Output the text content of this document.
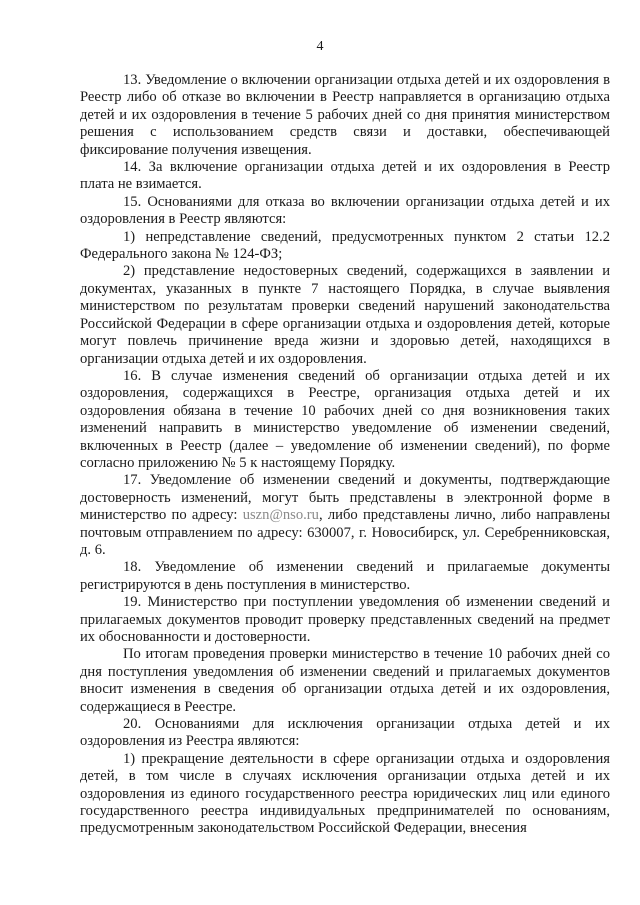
4

13. Уведомление о включении организации отдыха детей и их оздоровления в Реестр либо об отказе во включении в Реестр направляется в организацию отдыха детей и их оздоровления в течение 5 рабочих дней со дня принятия министерством решения с использованием средств связи и доставки, обеспечивающей фиксирование получения извещения.

14. За включение организации отдыха детей и их оздоровления в Реестр плата не взимается.

15. Основаниями для отказа во включении организации отдыха детей и их оздоровления в Реестр являются:

1) непредставление сведений, предусмотренных пунктом 2 статьи 12.2 Федерального закона № 124-ФЗ;

2) представление недостоверных сведений, содержащихся в заявлении и документах, указанных в пункте 7 настоящего Порядка, в случае выявления министерством по результатам проверки сведений нарушений законодательства Российской Федерации в сфере организации отдыха и оздоровления детей, которые могут повлечь причинение вреда жизни и здоровью детей, находящихся в организации отдыха детей и их оздоровления.

16. В случае изменения сведений об организации отдыха детей и их оздоровления, содержащихся в Реестре, организация отдыха детей и их оздоровления обязана в течение 10 рабочих дней со дня возникновения таких изменений направить в министерство уведомление об изменении сведений, включенных в Реестр (далее – уведомление об изменении сведений), по форме согласно приложению № 5 к настоящему Порядку.

17. Уведомление об изменении сведений и документы, подтверждающие достоверность изменений, могут быть представлены в электронной форме в министерство по адресу: uszn@nso.ru, либо представлены лично, либо направлены почтовым отправлением по адресу: 630007, г. Новосибирск, ул. Серебренниковская, д. 6.

18. Уведомление об изменении сведений и прилагаемые документы регистрируются в день поступления в министерство.

19. Министерство при поступлении уведомления об изменении сведений и прилагаемых документов проводит проверку представленных сведений на предмет их обоснованности и достоверности.

По итогам проведения проверки министерство в течение 10 рабочих дней со дня поступления уведомления об изменении сведений и прилагаемых документов вносит изменения в сведения об организации отдыха детей и их оздоровления, содержащиеся в Реестре.

20. Основаниями для исключения организации отдыха детей и их оздоровления из Реестра являются:

1) прекращение деятельности в сфере организации отдыха и оздоровления детей, в том числе в случаях исключения организации отдыха детей и их оздоровления из единого государственного реестра юридических лиц или единого государственного реестра индивидуальных предпринимателей по основаниям, предусмотренным законодательством Российской Федерации, внесения
